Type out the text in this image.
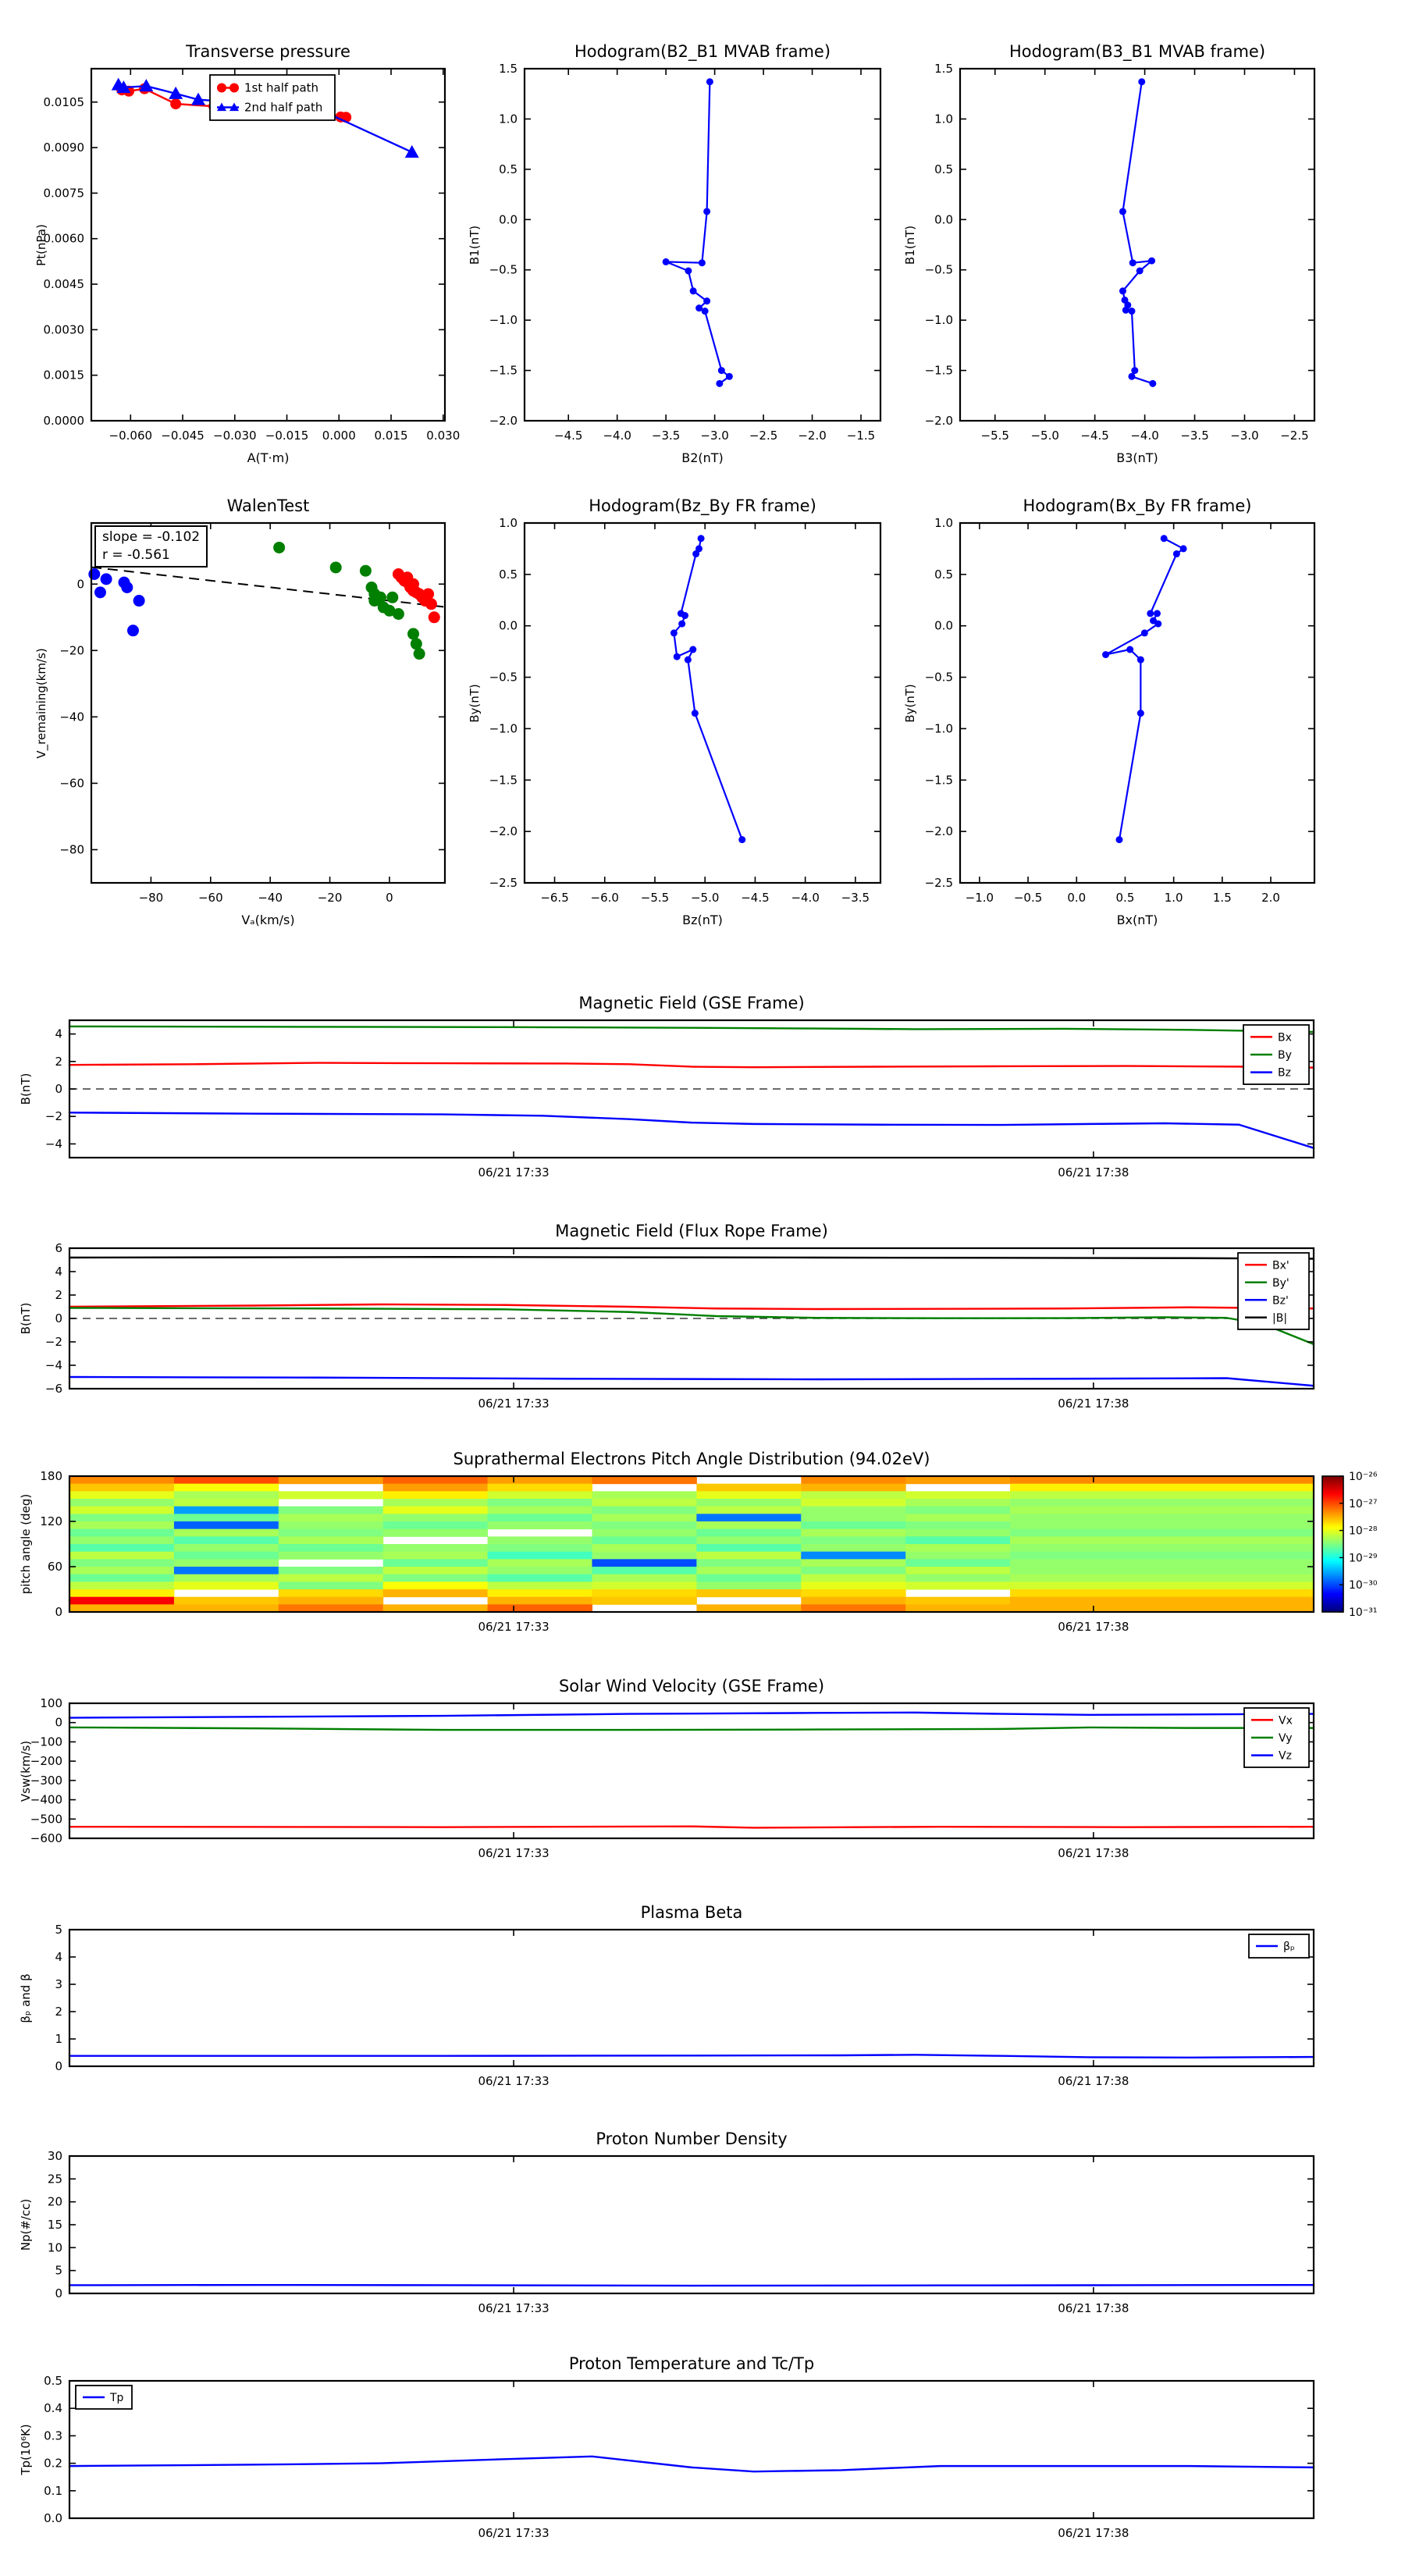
−0.060 −0.045 −0.030 −0.015 0.000 0.015 0.030
0.0105
0.0090
0.0075
0.0060
0.0045
0.0030
0.0015
0.0000
1st half path
2nd half path
−4.5 −4.0 −3.5 −3.0 −2.5 −2.0 −1.5
1.5
1.0
0.5
0.0
−0.5
−1.0
−1.5
−2.0
−5.5 −5.0 −4.5 −4.0 −3.5 −3.0 −2.5
1.5
1.0
0.5
0.0
−0.5
−1.0
−1.5
−2.0
−80	−60	−40	−20	0
0
−20
−40
−60
−80
−6.5 −6.0 −5.5 −5.0 −4.5 −4.0 −3.5
1.0
0.5
0.0
−0.5
−1.0
−1.5
−2.0
−2.5
−1.0 −0.5 0.0	0.5	1.0	1.5	2.0
1.0
0.5
0.0
−0.5
−1.0
−1.5
−2.0
−2.5
06/21 17:33	06/21 17:38
4
2
0
−2
−4
Bx
By
Bz
06/21 17:33	06/21 17:38
6
4
2
0
−2
−4
−6
Bx'
By'
Bz'
|B|
06/21 17:33	06/21 17:38
180
120
60
0
10⁻²⁶
10⁻²⁷
10⁻²⁸
10⁻²⁹
10⁻³⁰
10⁻³¹
06/21 17:33	06/21 17:38
100
0
−100
−200
−300
−400
−500
−600
Vx
Vy
Vz
06/21 17:33	06/21 17:38
5
4
3
2
1
0
βₚ
06/21 17:33	06/21 17:38
30
25
20
15
10
5
0
06/21 17:33	06/21 17:38
0.5
0.4
0.3
0.2
0.1
0.0
Tp
Transverse pressure	Hodogram(B2_B1 MVAB frame)	Hodogram(B3_B1 MVAB frame)
WalenTest	Hodogram(Bz_By FR frame)	Hodogram(Bx_By FR frame)
Magnetic Field (GSE Frame)
Magnetic Field (Flux Rope Frame)
Suprathermal Electrons Pitch Angle Distribution (94.02eV)
Solar Wind Velocity (GSE Frame)
Plasma Beta
Proton Number Density
Proton Temperature and Tc/Tp
A(T·m)	B2(nT)	B3(nT)
Vₐ(km/s)	Bz(nT)	Bx(nT)
Pt(nPa)	B1(nT)	B1(nT)
V_remaining(km/s)	By(nT)	By(nT)
B(nT)
B(nT)
pitch angle (deg)
Vsw(km/s)
βₚ and β
Np(#/cc)
Tp(10⁶K)
slope = -0.102
r = -0.561
